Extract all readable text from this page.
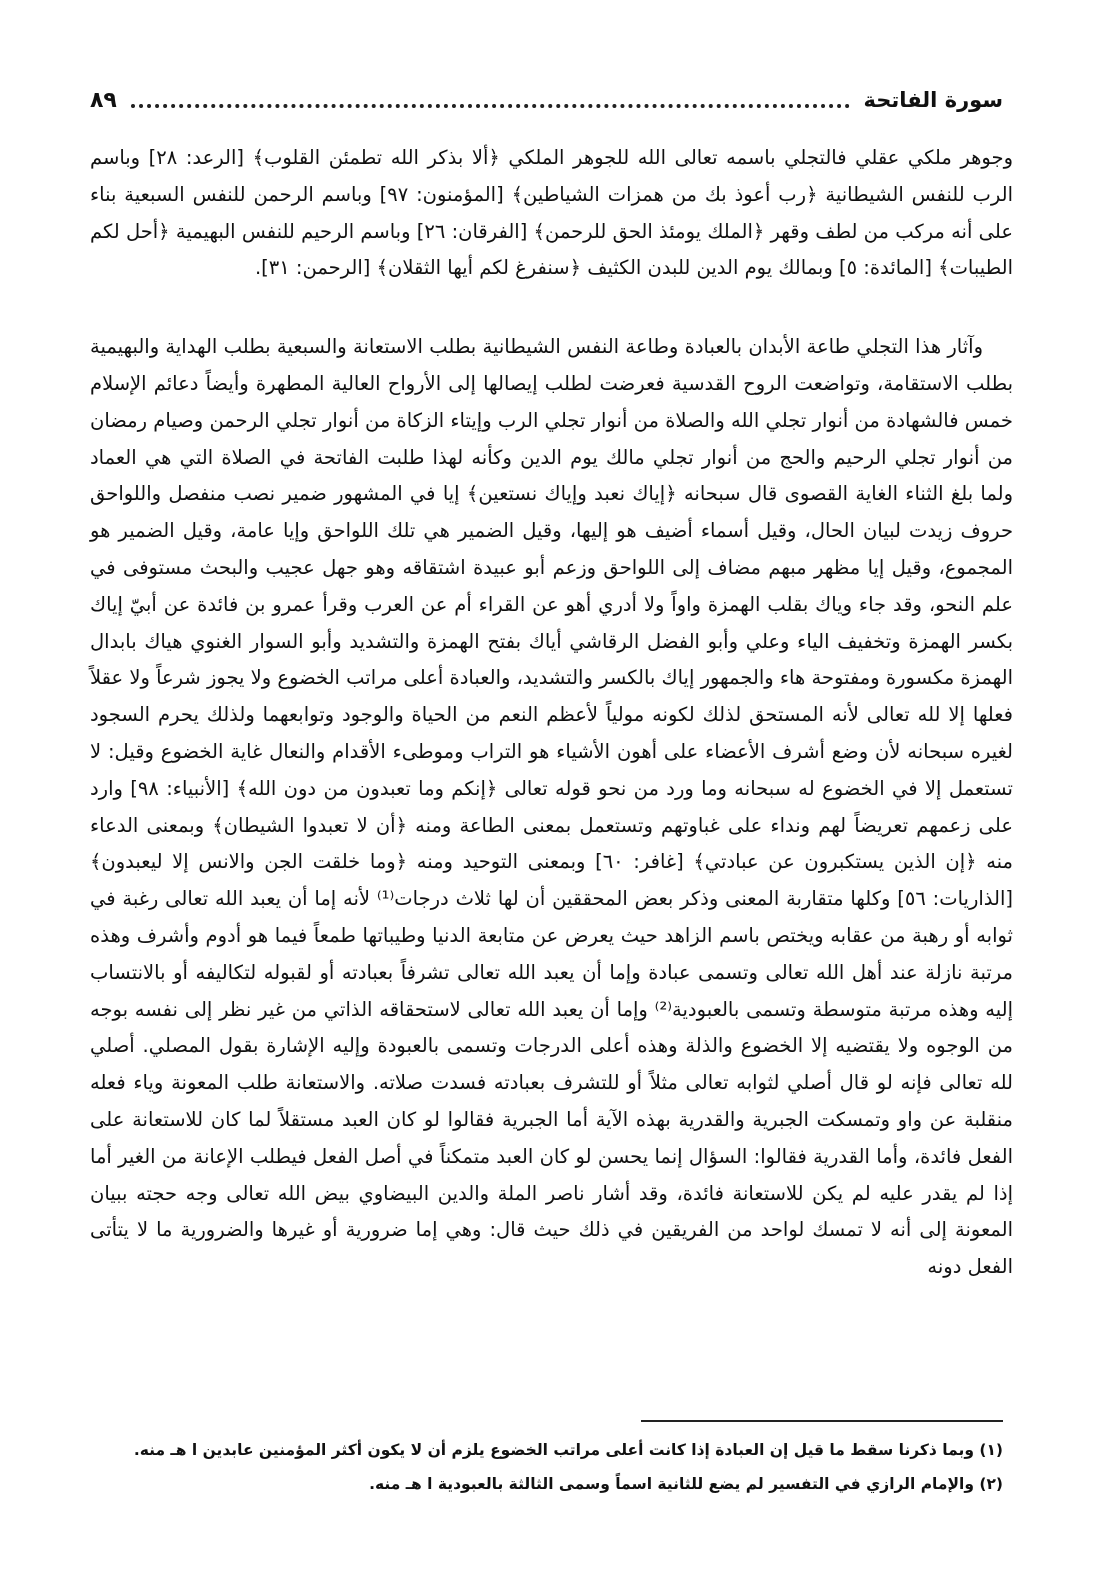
سورة الفاتحة
٨٩

وجوهر ملكي عقلي فالتجلي باسمه تعالى الله للجوهر الملكي ﴿ألا بذكر الله تطمئن القلوب﴾ [الرعد: ٢٨] وباسم الرب للنفس الشيطانية ﴿رب أعوذ بك من همزات الشياطين﴾ [المؤمنون: ٩٧] وباسم الرحمن للنفس السبعية بناء على أنه مركب من لطف وقهر ﴿الملك يومئذ الحق للرحمن﴾ [الفرقان: ٢٦] وباسم الرحيم للنفس البهيمية ﴿أحل لكم الطيبات﴾ [المائدة: ٥] وبمالك يوم الدين للبدن الكثيف ﴿سنفرغ لكم أيها الثقلان﴾ [الرحمن: ٣١].

وآثار هذا التجلي طاعة الأبدان بالعبادة وطاعة النفس الشيطانية بطلب الاستعانة والسبعية بطلب الهداية والبهيمية بطلب الاستقامة، وتواضعت الروح القدسية فعرضت لطلب إيصالها إلى الأرواح العالية المطهرة وأيضاً دعائم الإسلام خمس فالشهادة من أنوار تجلي الله والصلاة من أنوار تجلي الرب وإيتاء الزكاة من أنوار تجلي الرحمن وصيام رمضان من أنوار تجلي الرحيم والحج من أنوار تجلي مالك يوم الدين وكأنه لهذا طلبت الفاتحة في الصلاة التي هي العماد ولما بلغ الثناء الغاية القصوى قال سبحانه ﴿إياك نعبد وإياك نستعين﴾ إيا في المشهور ضمير نصب منفصل واللواحق حروف زيدت لبيان الحال، وقيل أسماء أضيف هو إليها، وقيل الضمير هي تلك اللواحق وإيا عامة، وقيل الضمير هو المجموع، وقيل إيا مظهر مبهم مضاف إلى اللواحق وزعم أبو عبيدة اشتقاقه وهو جهل عجيب والبحث مستوفى في علم النحو، وقد جاء وياك بقلب الهمزة واواً ولا أدري أهو عن القراء أم عن العرب وقرأ عمرو بن فائدة عن أبيّ إياك بكسر الهمزة وتخفيف الياء وعلي وأبو الفضل الرقاشي أياك بفتح الهمزة والتشديد وأبو السوار الغنوي هياك بابدال الهمزة مكسورة ومفتوحة هاء والجمهور إياك بالكسر والتشديد، والعبادة أعلى مراتب الخضوع ولا يجوز شرعاً ولا عقلاً فعلها إلا لله تعالى لأنه المستحق لذلك لكونه مولياً لأعظم النعم من الحياة والوجود وتوابعهما ولذلك يحرم السجود لغيره سبحانه لأن وضع أشرف الأعضاء على أهون الأشياء هو التراب وموطىء الأقدام والنعال غاية الخضوع وقيل: لا تستعمل إلا في الخضوع له سبحانه وما ورد من نحو قوله تعالى ﴿إنكم وما تعبدون من دون الله﴾ [الأنبياء: ٩٨] وارد على زعمهم تعريضاً لهم ونداء على غباوتهم وتستعمل بمعنى الطاعة ومنه ﴿أن لا تعبدوا الشيطان﴾ وبمعنى الدعاء منه ﴿إن الذين يستكبرون عن عبادتي﴾ [غافر: ٦٠] وبمعنى التوحيد ومنه ﴿وما خلقت الجن والانس إلا ليعبدون﴾ [الذاريات: ٥٦] وكلها متقاربة المعنى وذكر بعض المحققين أن لها ثلاث درجات⁽¹⁾ لأنه إما أن يعبد الله تعالى رغبة في ثوابه أو رهبة من عقابه ويختص باسم الزاهد حيث يعرض عن متابعة الدنيا وطيباتها طمعاً فيما هو أدوم وأشرف وهذه مرتبة نازلة عند أهل الله تعالى وتسمى عبادة وإما أن يعبد الله تعالى تشرفاً بعبادته أو لقبوله لتكاليفه أو بالانتساب إليه وهذه مرتبة متوسطة وتسمى بالعبودية⁽²⁾ وإما أن يعبد الله تعالى لاستحقاقه الذاتي من غير نظر إلى نفسه بوجه من الوجوه ولا يقتضيه إلا الخضوع والذلة وهذه أعلى الدرجات وتسمى بالعبودة وإليه الإشارة بقول المصلي. أصلي لله تعالى فإنه لو قال أصلي لثوابه تعالى مثلاً أو للتشرف بعبادته فسدت صلاته. والاستعانة طلب المعونة وياء فعله منقلبة عن واو وتمسكت الجبرية والقدرية بهذه الآية أما الجبرية فقالوا لو كان العبد مستقلاً لما كان للاستعانة على الفعل فائدة، وأما القدرية فقالوا: السؤال إنما يحسن لو كان العبد متمكناً في أصل الفعل فيطلب الإعانة من الغير أما إذا لم يقدر عليه لم يكن للاستعانة فائدة، وقد أشار ناصر الملة والدين البيضاوي بيض الله تعالى وجه حجته ببيان المعونة إلى أنه لا تمسك لواحد من الفريقين في ذلك حيث قال: وهي إما ضرورية أو غيرها والضرورية ما لا يتأتى الفعل دونه

(١) وبما ذكرنا سقط ما قيل إن العبادة إذا كانت أعلى مراتب الخضوع يلزم أن لا يكون أكثر المؤمنين عابدين ا هـ منه.

(٢) والإمام الرازي في التفسير لم يضع للثانية اسماً وسمى الثالثة بالعبودية ا هـ منه.
